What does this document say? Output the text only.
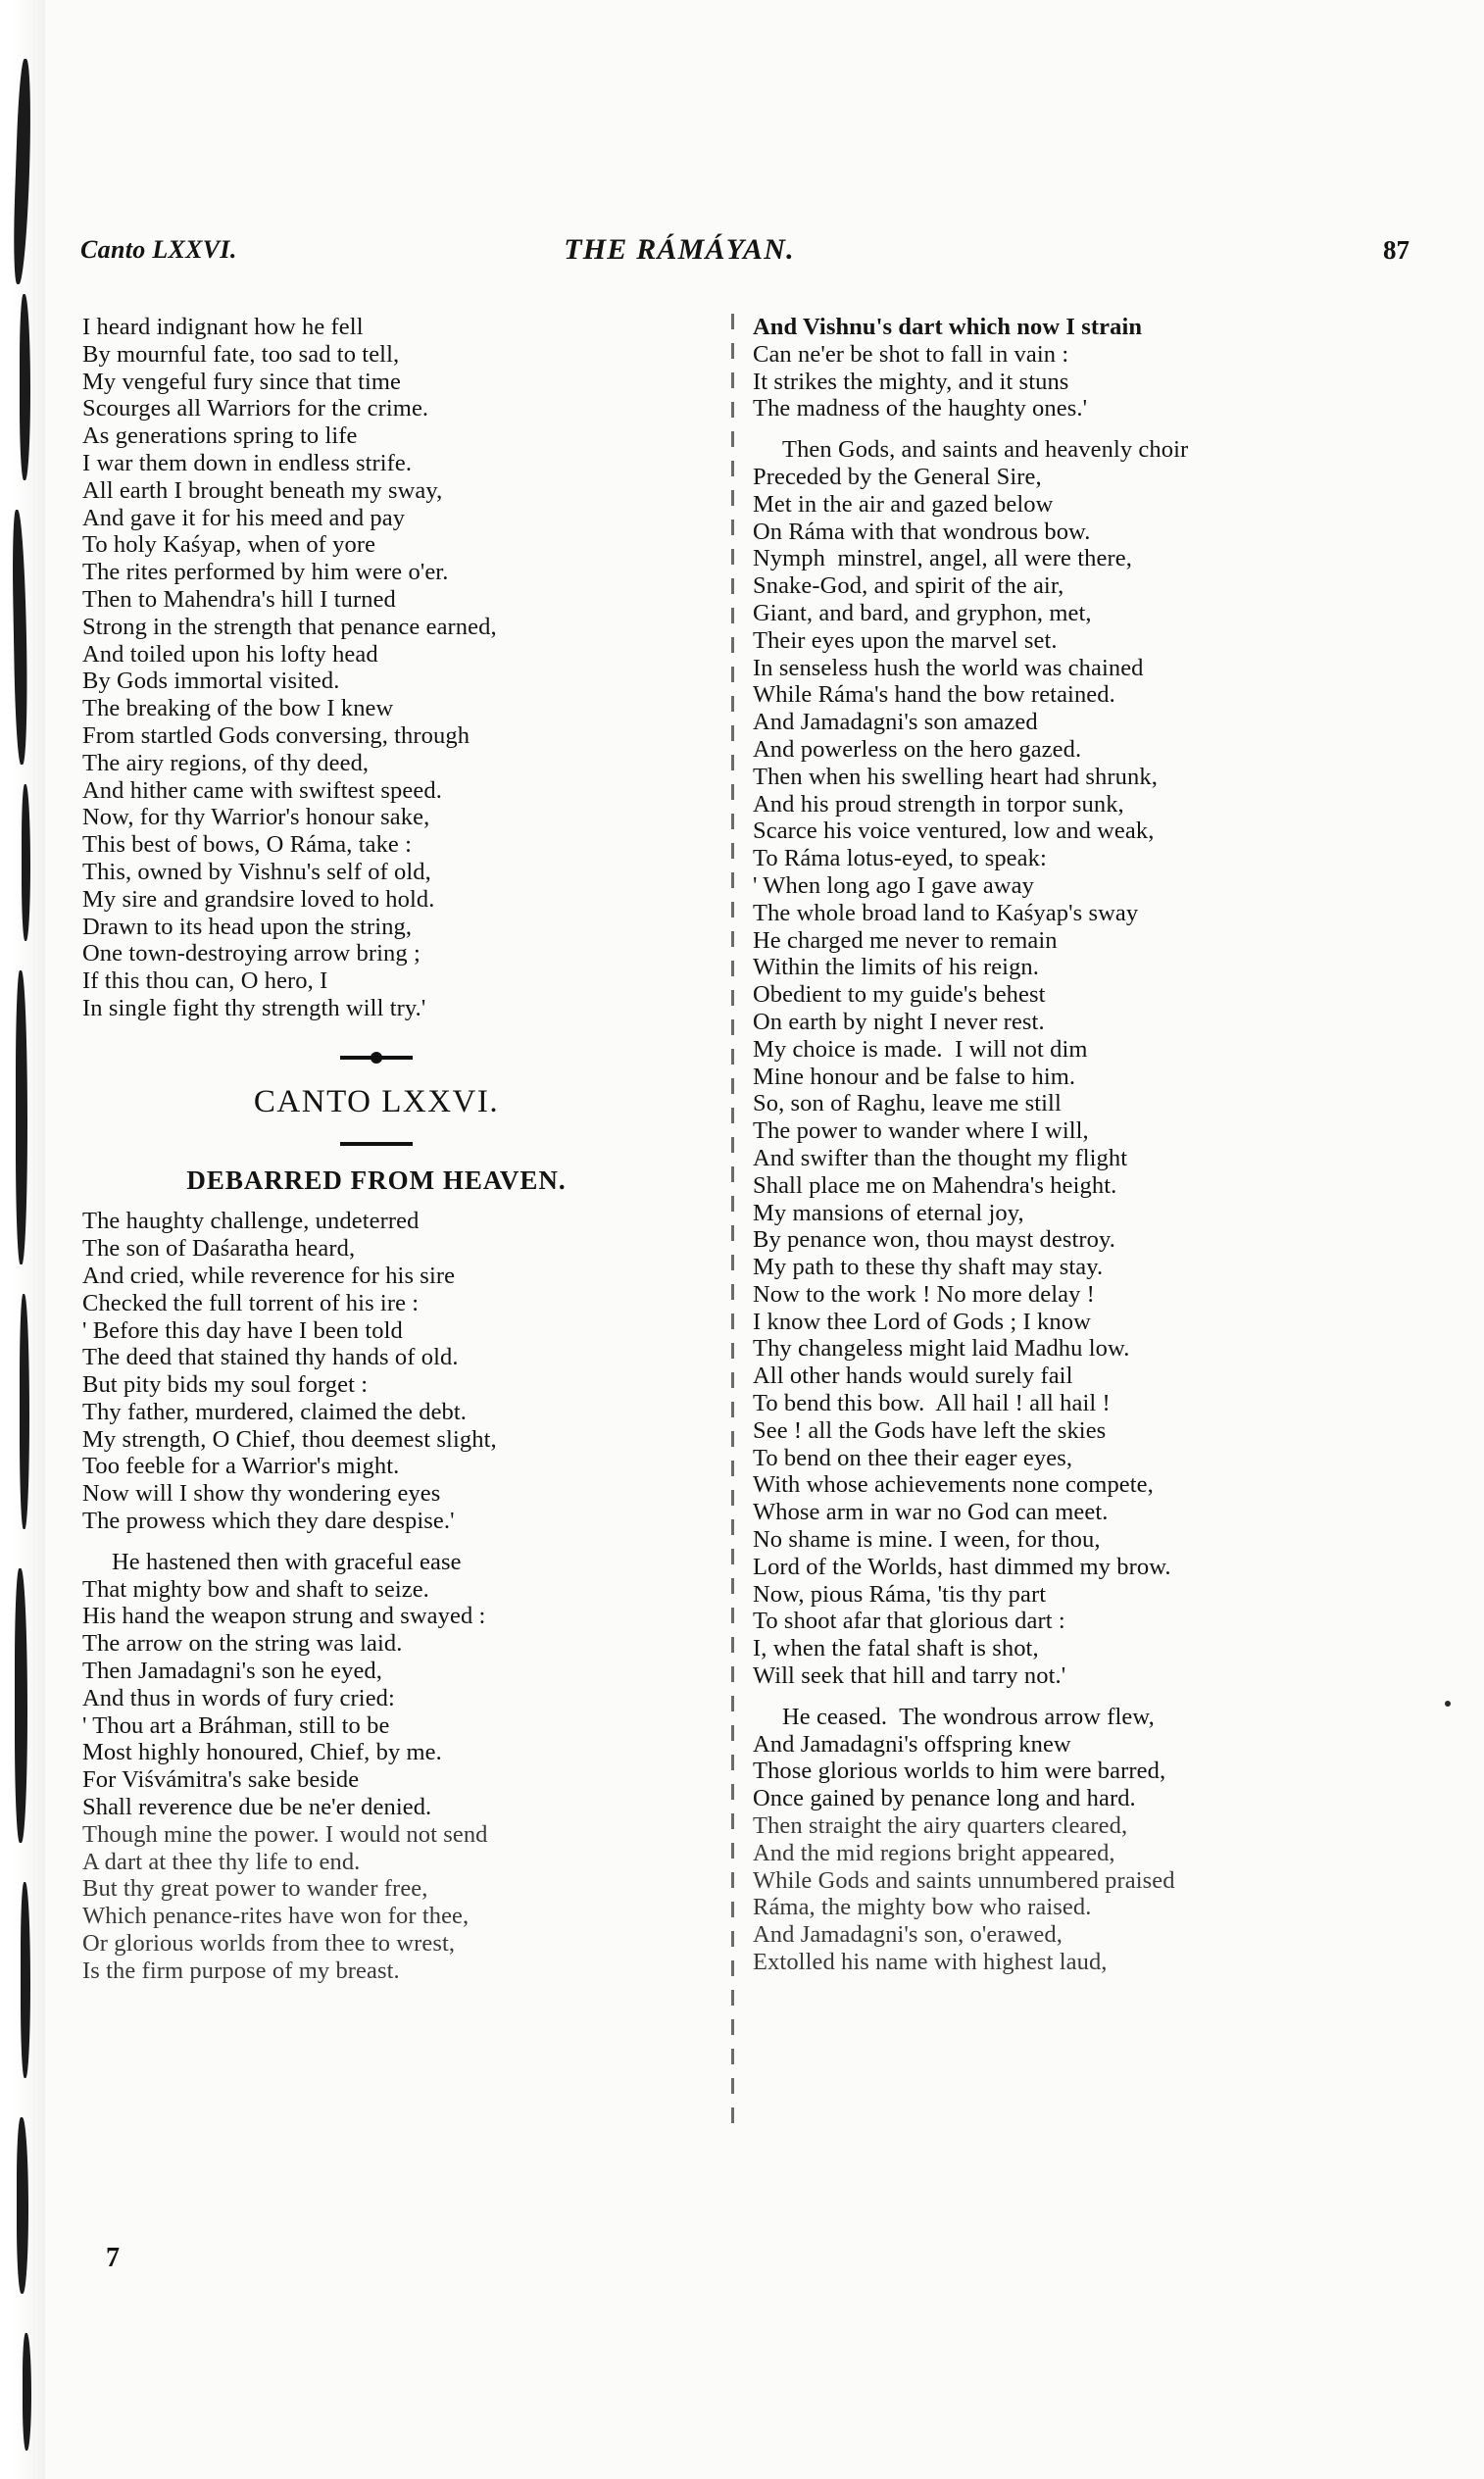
Canto LXXVI.	THE RÁMÁYAN.	87
I heard indignant how he fell
By mournful fate, too sad to tell,
My vengeful fury since that time
Scourges all Warriors for the crime.
As generations spring to life
I war them down in endless strife.
All earth I brought beneath my sway,
And gave it for his meed and pay
To holy Kaśyap, when of yore
The rites performed by him were o'er.
Then to Mahendra's hill I turned
Strong in the strength that penance earned,
And toiled upon his lofty head
By Gods immortal visited.
The breaking of the bow I knew
From startled Gods conversing, through
The airy regions, of thy deed,
And hither came with swiftest speed.
Now, for thy Warrior's honour sake,
This best of bows, O Ráma, take :
This, owned by Vishnu's self of old,
My sire and grandsire loved to hold.
Drawn to its head upon the string,
One town-destroying arrow bring ;
If this thou can, O hero, I
In single fight thy strength will try.'
CANTO LXXVI.
DEBARRED FROM HEAVEN.
The haughty challenge, undeterred
The son of Daśaratha heard,
And cried, while reverence for his sire
Checked the full torrent of his ire :
' Before this day have I been told
The deed that stained thy hands of old.
But pity bids my soul forget :
Thy father, murdered, claimed the debt.
My strength, O Chief, thou deemest slight,
Too feeble for a Warrior's might.
Now will I show thy wondering eyes
The prowess which they dare despise.'
He hastened then with graceful ease
That mighty bow and shaft to seize.
His hand the weapon strung and swayed :
The arrow on the string was laid.
Then Jamadagni's son he eyed,
And thus in words of fury cried:
' Thou art a Bráhman, still to be
Most highly honoured, Chief, by me.
For Viśvámitra's sake beside
Shall reverence due be ne'er denied.
Though mine the power. I would not send
A dart at thee thy life to end.
But thy great power to wander free,
Which penance-rites have won for thee,
Or glorious worlds from thee to wrest,
Is the firm purpose of my breast.
And Vishnu's dart which now I strain
Can ne'er be shot to fall in vain :
It strikes the mighty, and it stuns
The madness of the haughty ones.'
Then Gods, and saints and heavenly choir
Preceded by the General Sire,
Met in the air and gazed below
On Ráma with that wondrous bow.
Nymph  minstrel, angel, all were there,
Snake-God, and spirit of the air,
Giant, and bard, and gryphon, met,
Their eyes upon the marvel set.
In senseless hush the world was chained
While Ráma's hand the bow retained.
And Jamadagni's son amazed
And powerless on the hero gazed.
Then when his swelling heart had shrunk,
And his proud strength in torpor sunk,
Scarce his voice ventured, low and weak,
To Ráma lotus-eyed, to speak:
' When long ago I gave away
The whole broad land to Kaśyap's sway
He charged me never to remain
Within the limits of his reign.
Obedient to my guide's behest
On earth by night I never rest.
My choice is made.  I will not dim
Mine honour and be false to him.
So, son of Raghu, leave me still
The power to wander where I will,
And swifter than the thought my flight
Shall place me on Mahendra's height.
My mansions of eternal joy,
By penance won, thou mayst destroy.
My path to these thy shaft may stay.
Now to the work ! No more delay !
I know thee Lord of Gods ; I know
Thy changeless might laid Madhu low.
All other hands would surely fail
To bend this bow.  All hail ! all hail !
See ! all the Gods have left the skies
To bend on thee their eager eyes,
With whose achievements none compete,
Whose arm in war no God can meet.
No shame is mine. I ween, for thou,
Lord of the Worlds, hast dimmed my brow.
Now, pious Ráma, 'tis thy part
To shoot afar that glorious dart :
I, when the fatal shaft is shot,
Will seek that hill and tarry not.'
He ceased.  The wondrous arrow flew,
And Jamadagni's offspring knew
Those glorious worlds to him were barred,
Once gained by penance long and hard.
Then straight the airy quarters cleared,
And the mid regions bright appeared,
While Gods and saints unnumbered praised
Ráma, the mighty bow who raised.
And Jamadagni's son, o'erawed,
Extolled his name with highest laud,
7
